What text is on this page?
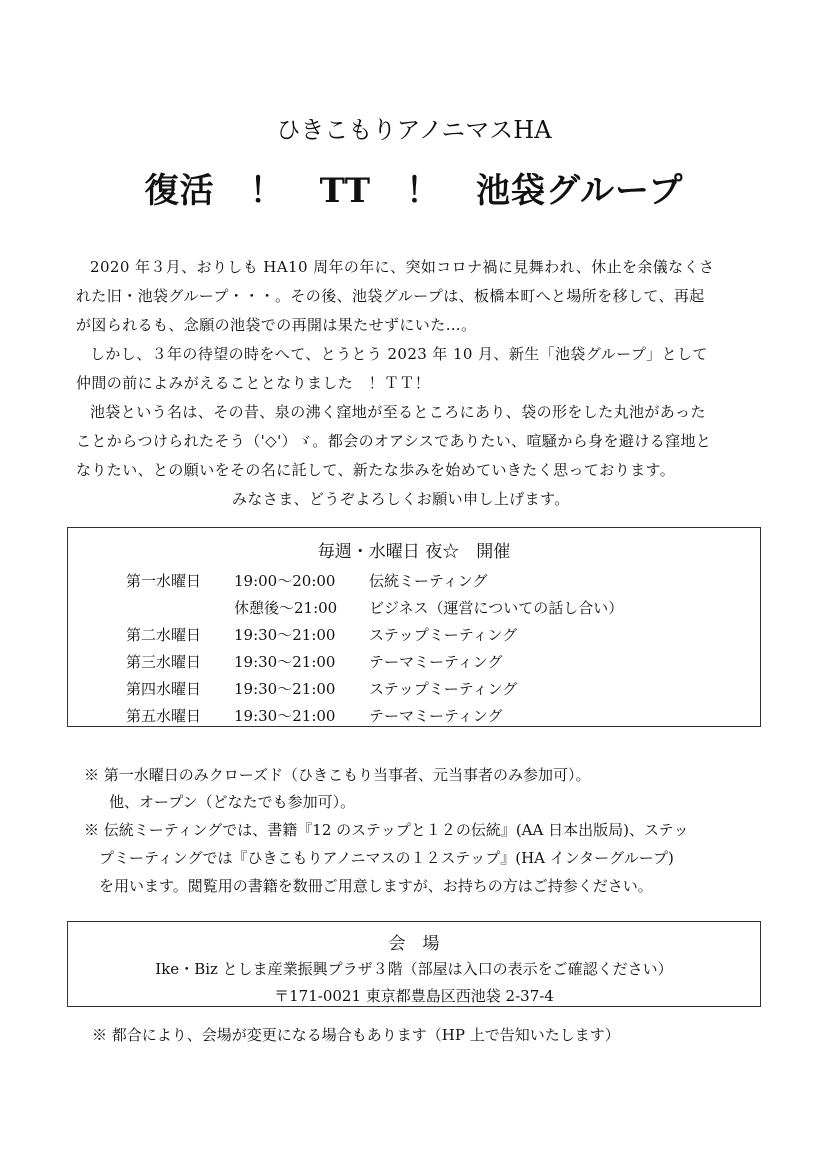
ひきこもりアノニマスHA
復活　！　TT　！　池袋グループ
2020 年３月、おりしも HA10 周年の年に、突如コロナ禍に見舞われ、休止を余儀なくさ
れた旧・池袋グループ・・・。その後、池袋グループは、板橋本町へと場所を移して、再起
が図られるも、念願の池袋での再開は果たせずにいた…。
しかし、３年の待望の時をへて、とうとう 2023 年 10 月、新生「池袋グループ」として
仲間の前によみがえることとなりました　！ＴＴ！
池袋という名は、その昔、泉の沸く窪地が至るところにあり、袋の形をした丸池があった
ことからつけられたそう（'◇'）ゞ。都会のオアシスでありたい、喧騒から身を避ける窪地と
なりたい、との願いをその名に託して、新たな歩みを始めていきたく思っております。
みなさま、どうぞよろしくお願い申し上げます。
毎週・水曜日 夜☆　開催
第一水曜日 19:00～20:00 伝統ミーティング
休憩後～21:00 ビジネス（運営についての話し合い）
第二水曜日 19:30～21:00 ステップミーティング
第三水曜日 19:30～21:00 テーマミーティング
第四水曜日 19:30～21:00 ステップミーティング
第五水曜日 19:30～21:00 テーマミーティング
※ 第一水曜日のみクローズド（ひきこもり当事者、元当事者のみ参加可）。
他、オープン（どなたでも参加可）。
※ 伝統ミーティングでは、書籍『12 のステップと１２の伝統』(AA 日本出版局)、ステッ
プミーティングでは『ひきこもりアノニマスの１２ステップ』(HA インターグループ)
を用います。閲覧用の書籍を数冊ご用意しますが、お持ちの方はご持参ください。
会　場
Ike・Biz としま産業振興プラザ３階（部屋は入口の表示をご確認ください）
〒171-0021 東京都豊島区西池袋 2-37-4
※ 都合により、会場が変更になる場合もあります（HP 上で告知いたします）
